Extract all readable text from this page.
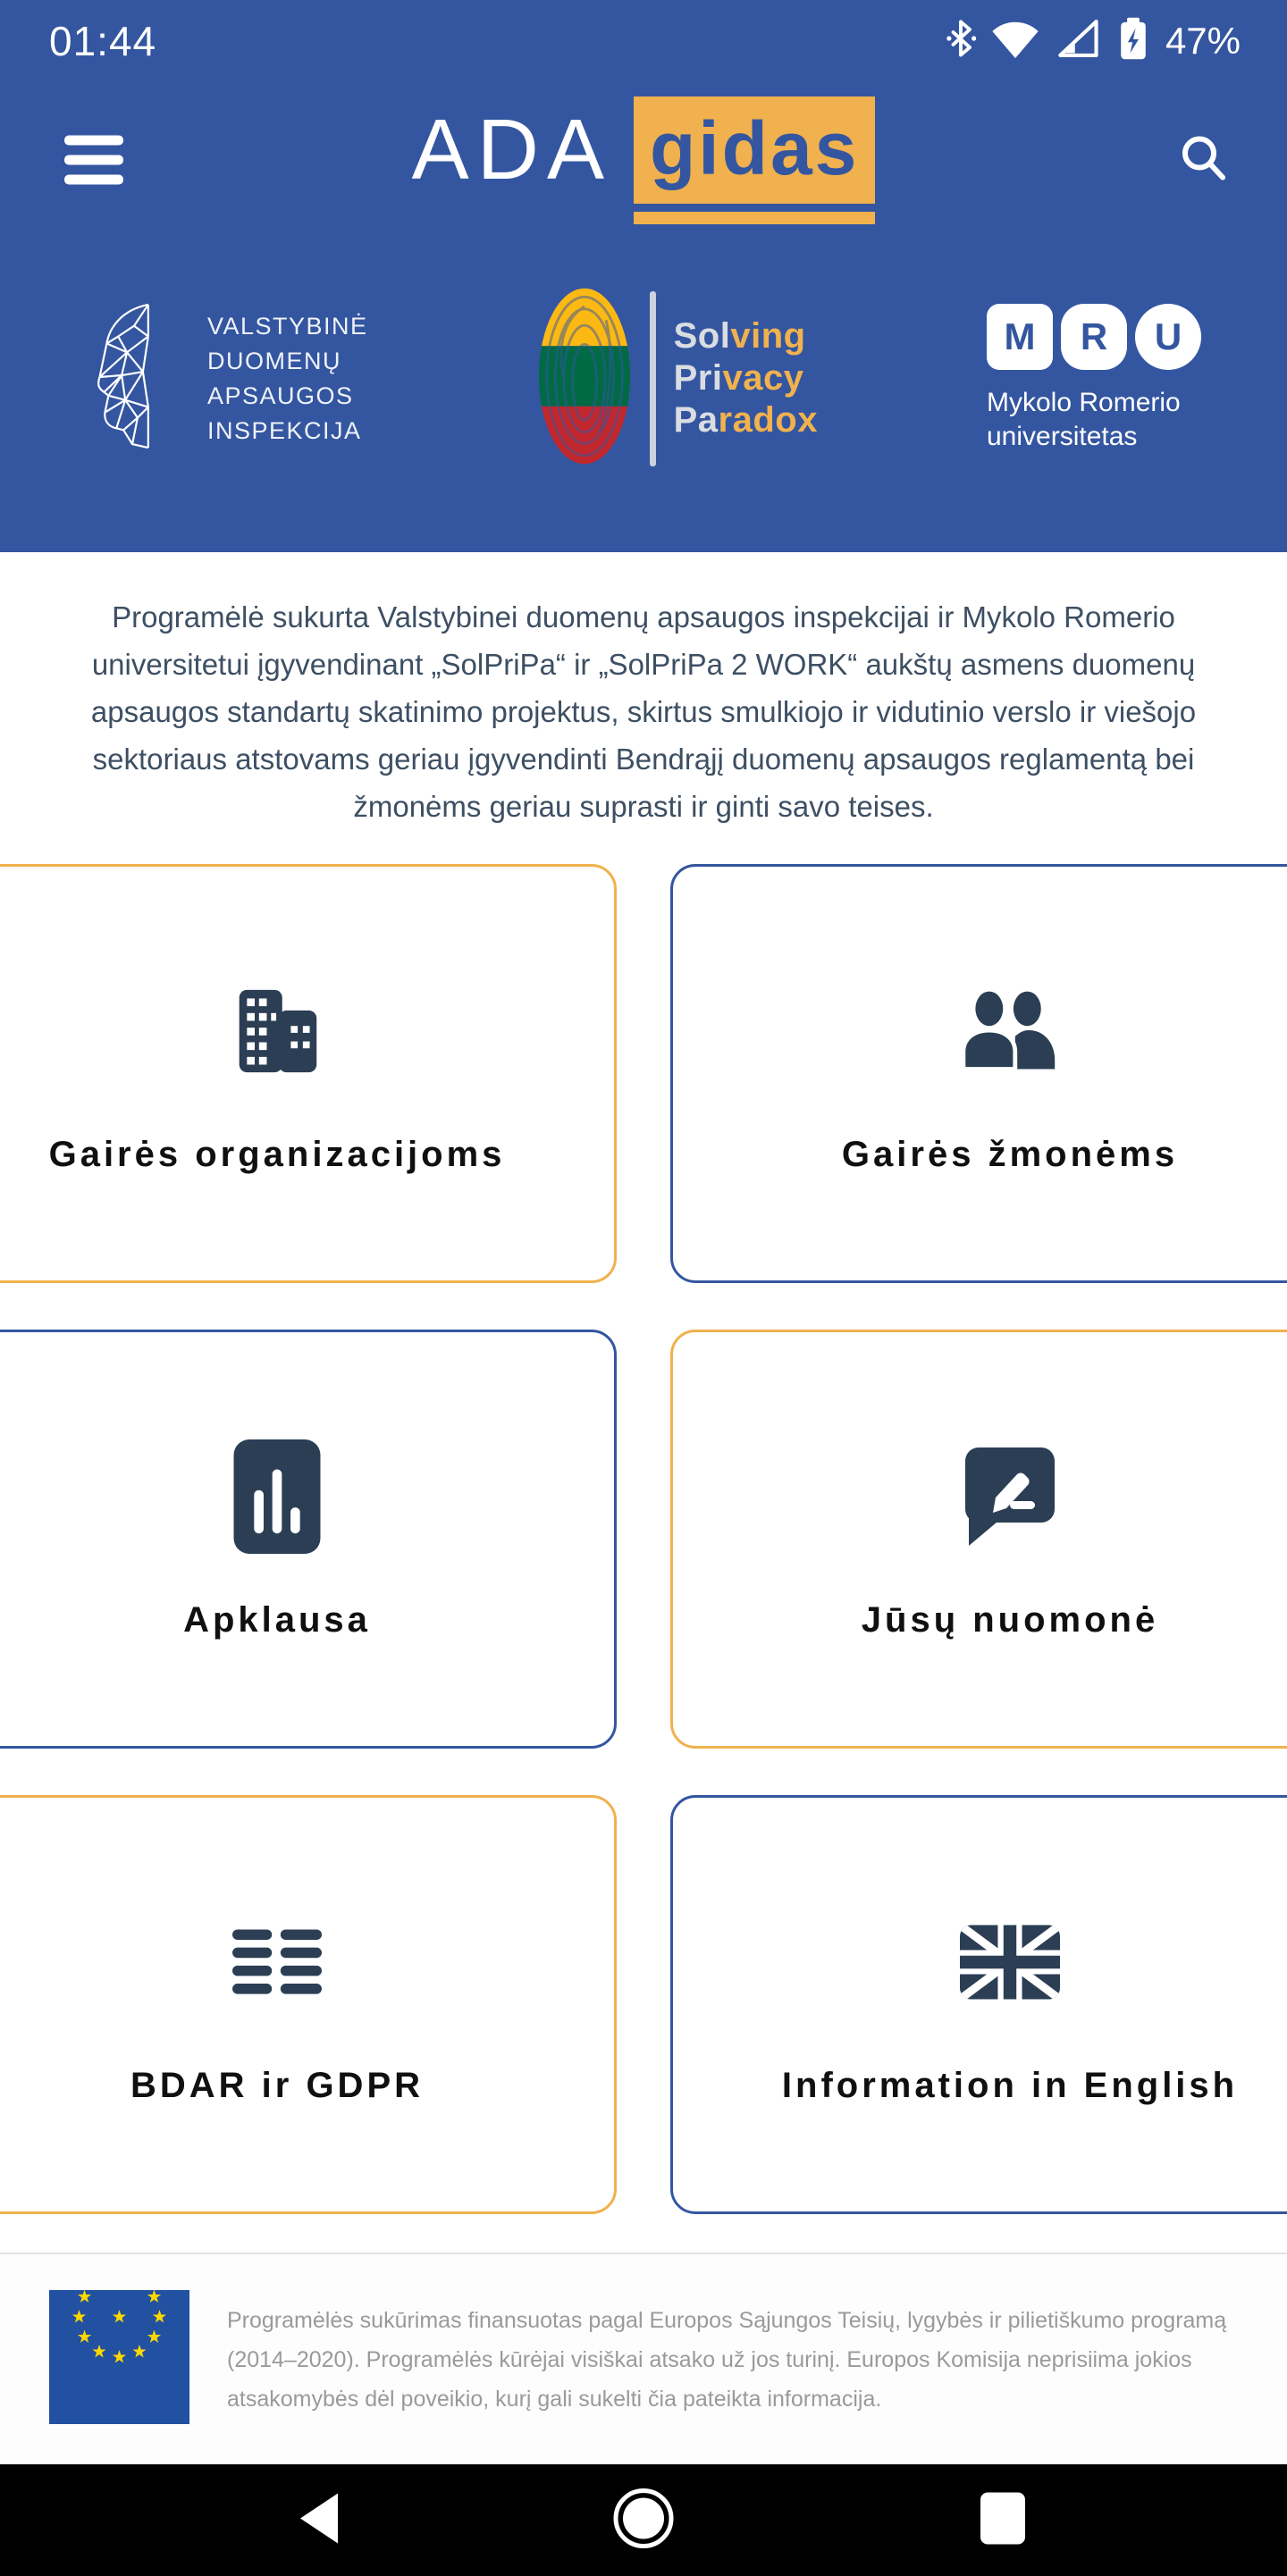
01:44	47%
ADA gidas
VALSTYBINĖ
DUOMENŲ
APSAUGOS
INSPEKCIJA
Solving
Privacy
Paradox
M	R	U
Mykolo Romerio
universitetas
Programėlė sukurta Valstybinei duomenų apsaugos inspekcijai ir Mykolo Romerio universitetui įgyvendinant „SolPriPa“ ir „SolPriPa 2 WORK“ aukštų asmens duomenų apsaugos standartų skatinimo projektus, skirtus smulkiojo ir vidutinio verslo ir viešojo sektoriaus atstovams geriau įgyvendinti Bendrąjį duomenų apsaugos reglamentą bei žmonėms geriau suprasti ir ginti savo teises.
Gairės organizacijoms	Gairės žmonėms
Apklausa	Jūsų nuomonė
BDAR ir GDPR	Information in English
Programėlės sukūrimas finansuotas pagal Europos Sąjungos Teisių, lygybės ir pilietiškumo programą (2014–2020). Programėlės kūrėjai visiškai atsako už jos turinį. Europos Komisija neprisiima jokios atsakomybės dėl poveikio, kurį gali sukelti čia pateikta informacija.
